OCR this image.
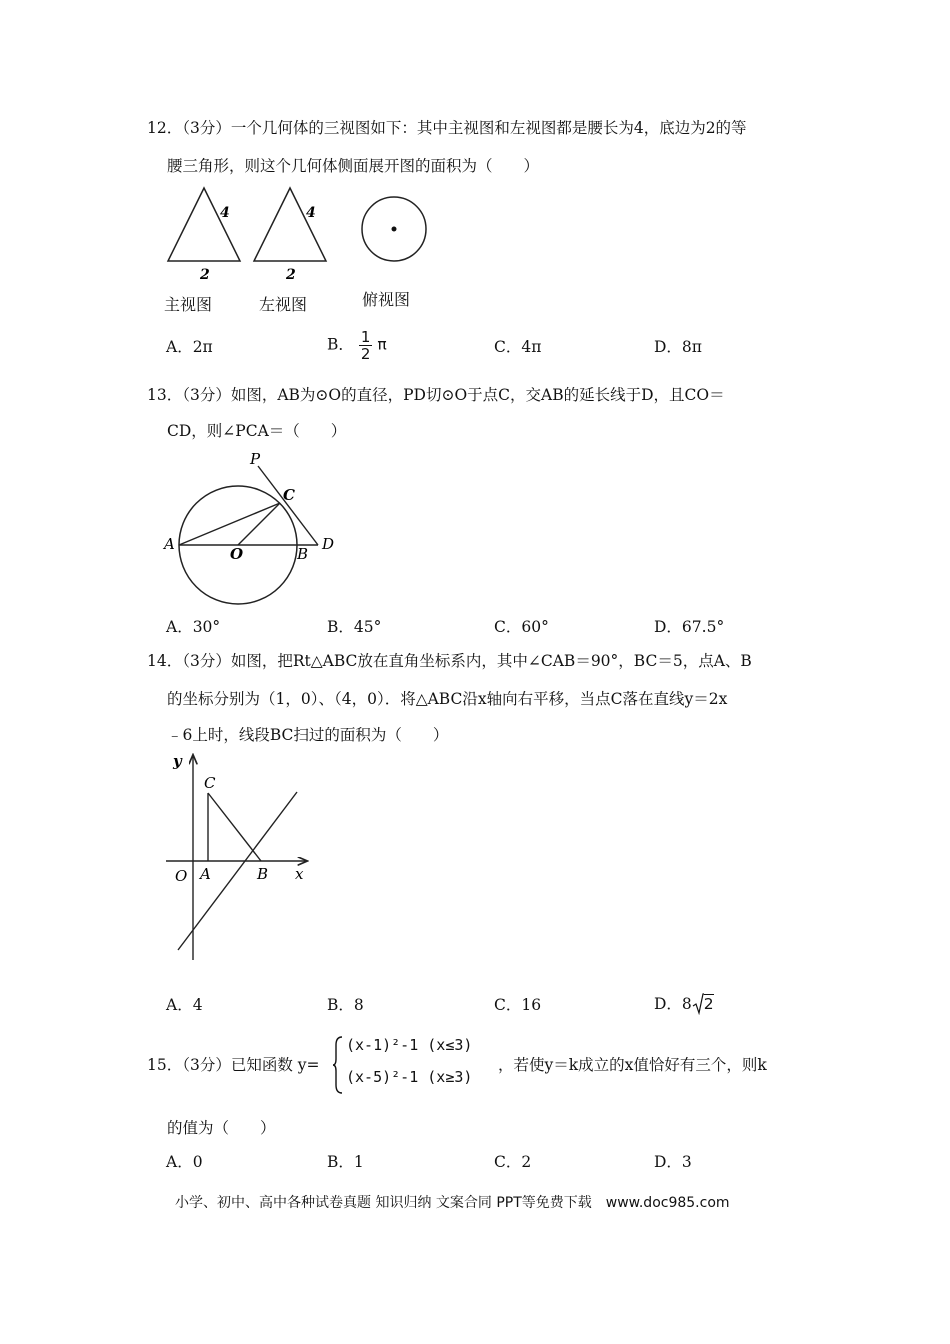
12．（3分）一个几何体的三视图如下：其中主视图和左视图都是腰长为4，底边为2的等
腰三角形，则这个几何体侧面展开图的面积为（　　）
4
2
4
2
主视图	左视图	俯视图
A．2π	B． $\frac{1}{2}$ π	C．4π	D．8π
13．（3分）如图，AB为⊙O的直径，PD切⊙O于点C，交AB的延长线于D，且CO＝
CD，则∠PCA＝（　　）
P
C
A
O	B
D
A．30°	B．45°	C．60°	D．67.5°
14．（3分）如图，把Rt△ABC放在直角坐标系内，其中∠CAB＝90°，BC＝5，点A、B
的坐标分别为（1，0）、（4，0）．将△ABC沿x轴向右平移，当点C落在直线y＝2x
﹣6上时，线段BC扫过的面积为（　　）
y
C
O A	B x
A．4	B．8	C．16	D．8 2
15．（3分）已知函数 y=
(x-1)²-1 (x≤3)
(x-5)²-1 (x≥3)
，若使y＝k成立的x值恰好有三个，则k
的值为（　　）
A．0	B．1	C．2	D．3
小学、初中、高中各种试卷真题 知识归纳 文案合同 PPT等免费下载　www.doc985.com
